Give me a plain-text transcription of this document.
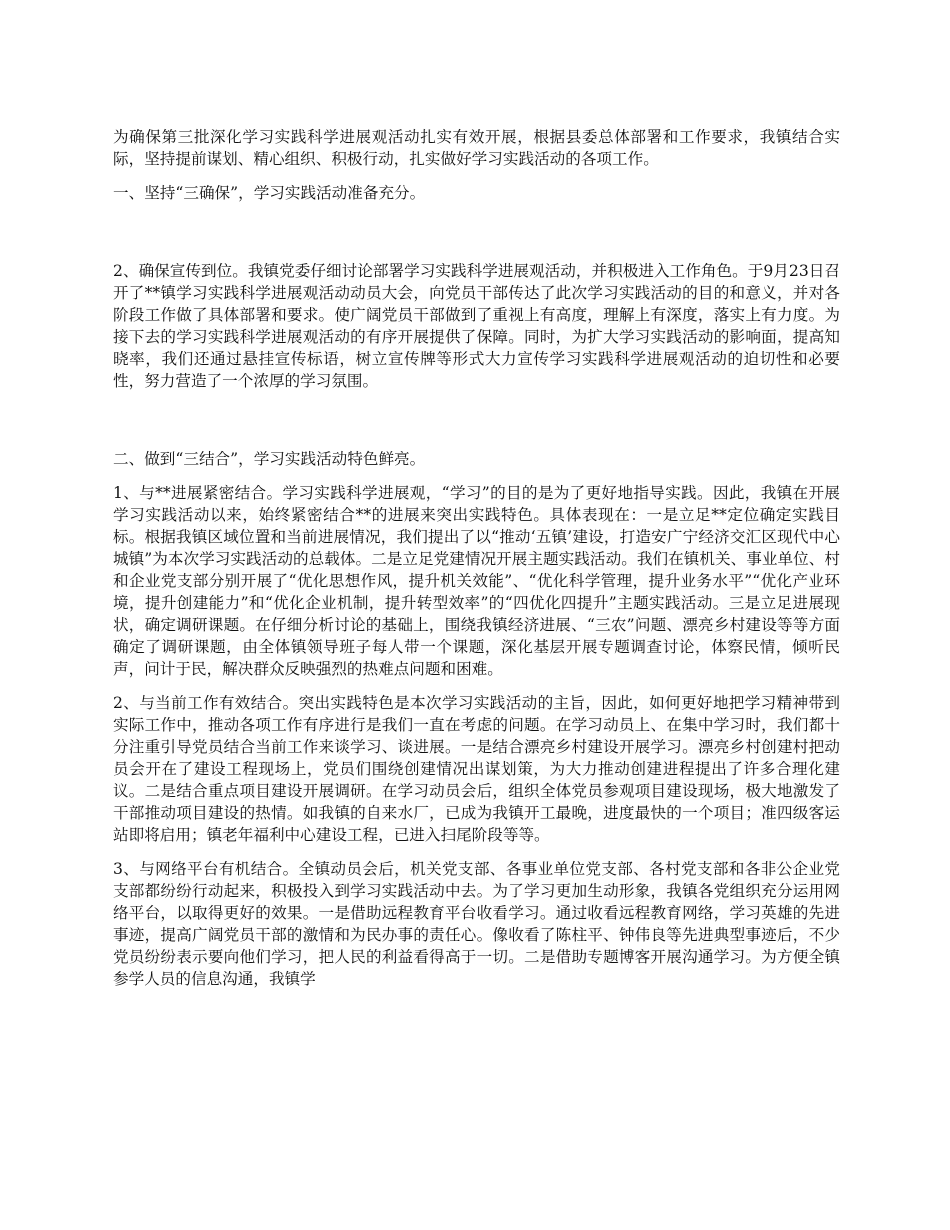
为确保第三批深化学习实践科学进展观活动扎实有效开展，根据县委总体部署和工作要求，我镇结合实际，坚持提前谋划、精心组织、积极行动，扎实做好学习实践活动的各项工作。

一、坚持“三确保”，学习实践活动准备充分。

2、确保宣传到位。我镇党委仔细讨论部署学习实践科学进展观活动，并积极进入工作角色。于9月23日召开了**镇学习实践科学进展观活动动员大会，向党员干部传达了此次学习实践活动的目的和意义，并对各阶段工作做了具体部署和要求。使广阔党员干部做到了重视上有高度，理解上有深度，落实上有力度。为接下去的学习实践科学进展观活动的有序开展提供了保障。同时，为扩大学习实践活动的影响面，提高知晓率，我们还通过悬挂宣传标语，树立宣传牌等形式大力宣传学习实践科学进展观活动的迫切性和必要性，努力营造了一个浓厚的学习氛围。

二、做到“三结合”，学习实践活动特色鲜亮。

1、与**进展紧密结合。学习实践科学进展观，“学习”的目的是为了更好地指导实践。因此，我镇在开展学习实践活动以来，始终紧密结合**的进展来突出实践特色。具体表现在：一是立足**定位确定实践目标。根据我镇区域位置和当前进展情况，我们提出了以“推动‘五镇’建设，打造安广宁经济交汇区现代中心城镇”为本次学习实践活动的总载体。二是立足党建情况开展主题实践活动。我们在镇机关、事业单位、村和企业党支部分别开展了“优化思想作风，提升机关效能”、“优化科学管理，提升业务水平”“优化产业环境，提升创建能力”和“优化企业机制，提升转型效率”的“四优化四提升”主题实践活动。三是立足进展现状，确定调研课题。在仔细分析讨论的基础上，围绕我镇经济进展、“三农”问题、漂亮乡村建设等等方面确定了调研课题，由全体镇领导班子每人带一个课题，深化基层开展专题调查讨论，体察民情，倾听民声，问计于民，解决群众反映强烈的热难点问题和困难。

2、与当前工作有效结合。突出实践特色是本次学习实践活动的主旨，因此，如何更好地把学习精神带到实际工作中，推动各项工作有序进行是我们一直在考虑的问题。在学习动员上、在集中学习时，我们都十分注重引导党员结合当前工作来谈学习、谈进展。一是结合漂亮乡村建设开展学习。漂亮乡村创建村把动员会开在了建设工程现场上，党员们围绕创建情况出谋划策，为大力推动创建进程提出了许多合理化建议。二是结合重点项目建设开展调研。在学习动员会后，组织全体党员参观项目建设现场，极大地激发了干部推动项目建设的热情。如我镇的自来水厂，已成为我镇开工最晚，进度最快的一个项目；准四级客运站即将启用；镇老年福利中心建设工程，已进入扫尾阶段等等。

3、与网络平台有机结合。全镇动员会后，机关党支部、各事业单位党支部、各村党支部和各非公企业党支部都纷纷行动起来，积极投入到学习实践活动中去。为了学习更加生动形象，我镇各党组织充分运用网络平台，以取得更好的效果。一是借助远程教育平台收看学习。通过收看远程教育网络，学习英雄的先进事迹，提高广阔党员干部的激情和为民办事的责任心。像收看了陈柱平、钟伟良等先进典型事迹后，不少党员纷纷表示要向他们学习，把人民的利益看得高于一切。二是借助专题博客开展沟通学习。为方便全镇参学人员的信息沟通，我镇学
